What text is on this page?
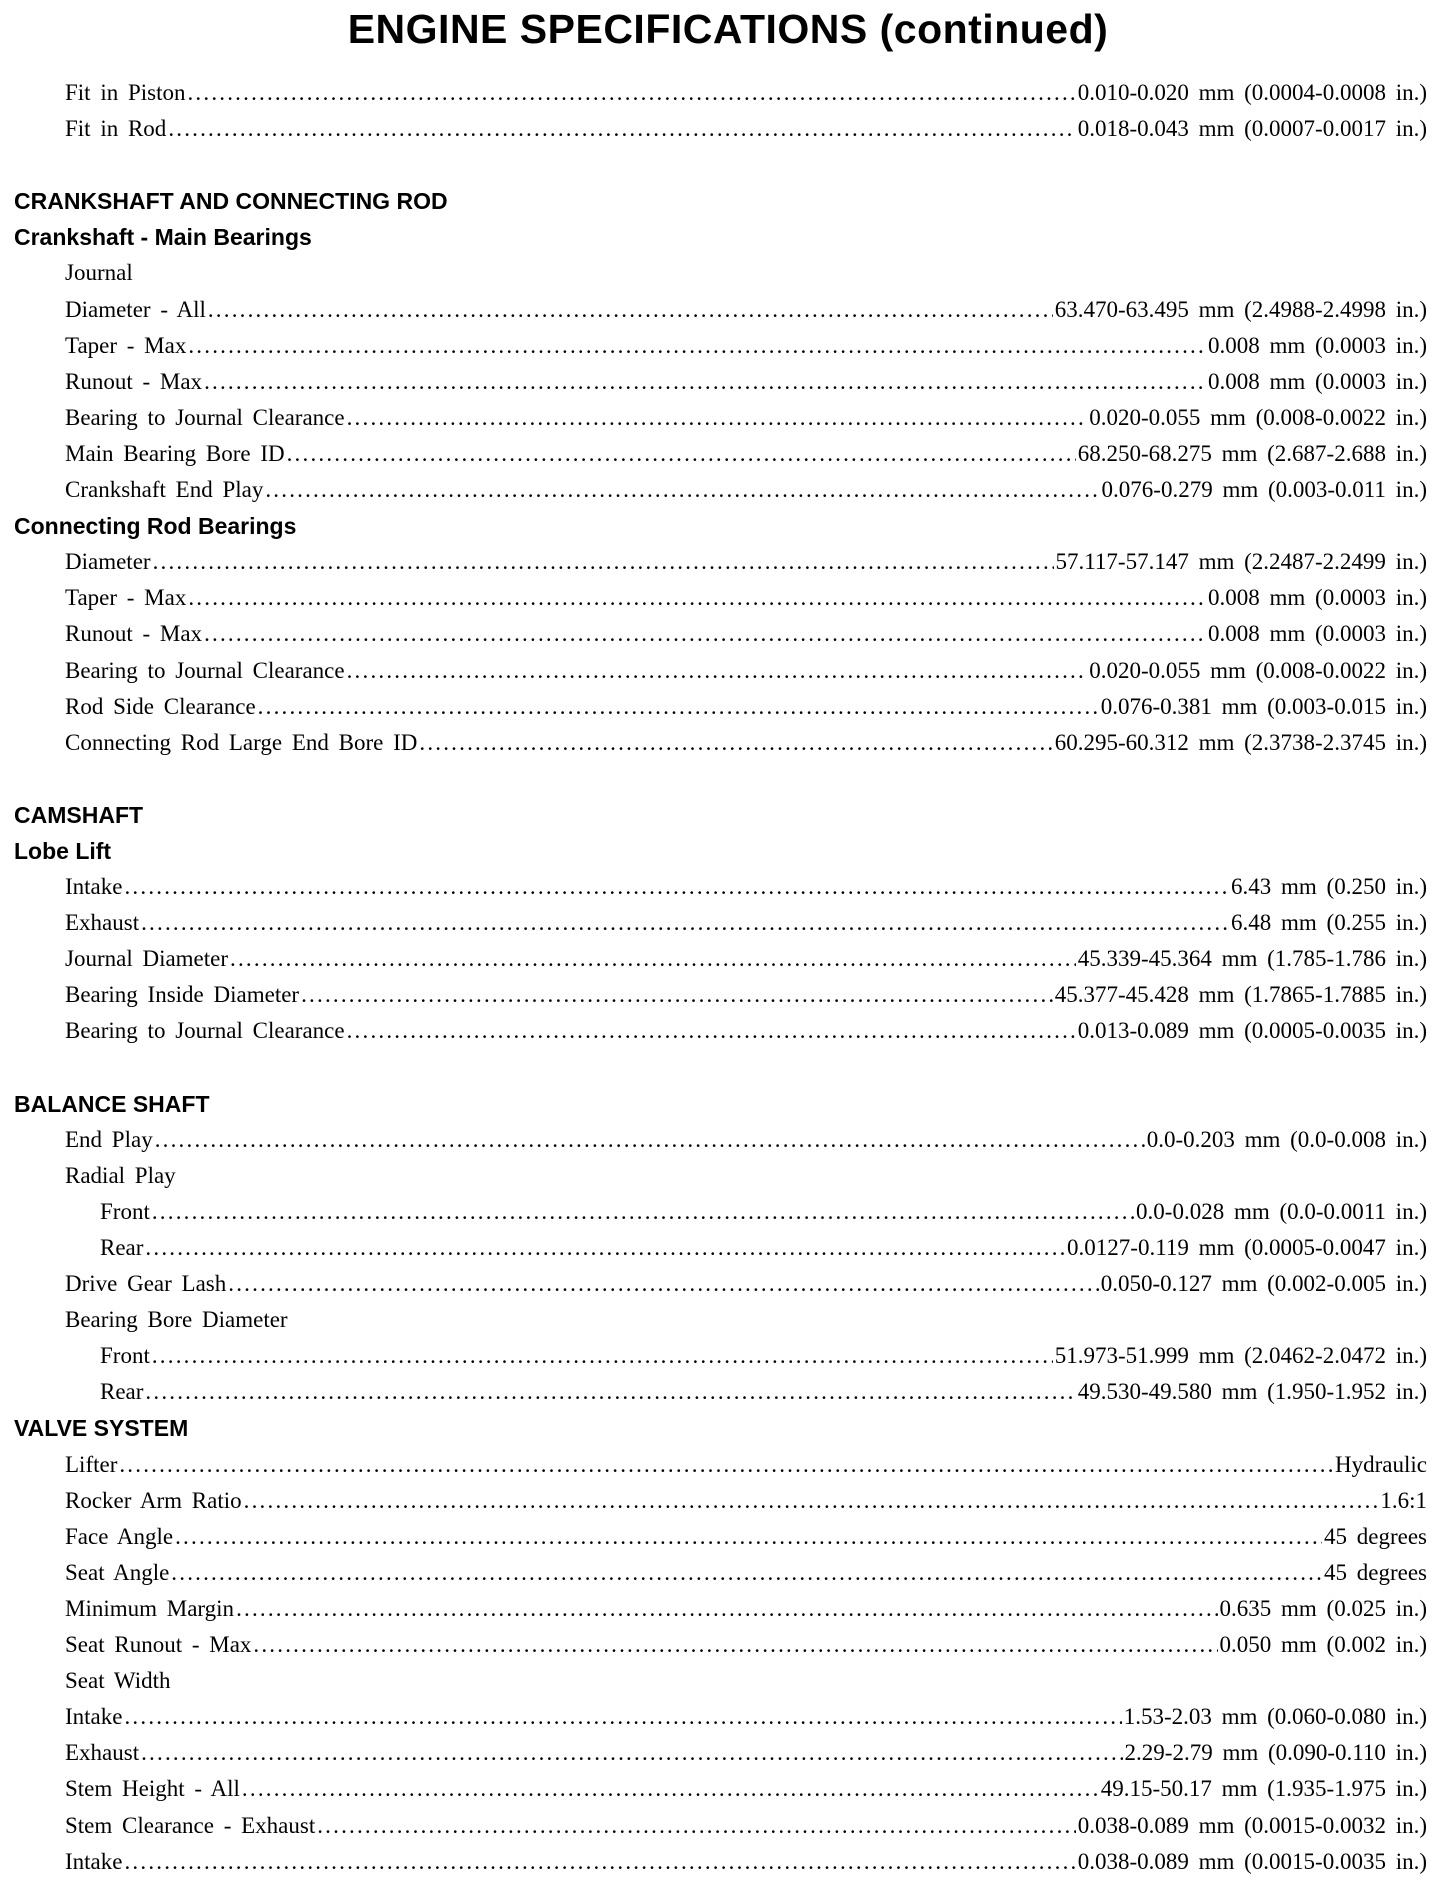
ENGINE SPECIFICATIONS (continued)
Fit in Piston .....	0.010-0.020 mm (0.0004-0.0008 in.)
Fit in Rod .....	0.018-0.043 mm (0.0007-0.0017 in.)
CRANKSHAFT AND CONNECTING ROD
Crankshaft - Main Bearings
Journal
Diameter - All .....	63.470-63.495 mm (2.4988-2.4998 in.)
Taper - Max .....	0.008 mm (0.0003 in.)
Runout - Max .....	0.008 mm (0.0003 in.)
Bearing to Journal Clearance .....	0.020-0.055 mm (0.008-0.0022 in.)
Main Bearing Bore ID .....	68.250-68.275 mm (2.687-2.688 in.)
Crankshaft End Play .....	0.076-0.279 mm (0.003-0.011 in.)
Connecting Rod Bearings
Diameter .....	57.117-57.147 mm (2.2487-2.2499 in.)
Taper - Max .....	0.008 mm (0.0003 in.)
Runout - Max .....	0.008 mm (0.0003 in.)
Bearing to Journal Clearance .....	0.020-0.055 mm (0.008-0.0022 in.)
Rod Side Clearance .....	0.076-0.381 mm (0.003-0.015 in.)
Connecting Rod Large End Bore ID .....	60.295-60.312 mm (2.3738-2.3745 in.)
CAMSHAFT
Lobe Lift
Intake .....	6.43 mm (0.250 in.)
Exhaust .....	6.48 mm (0.255 in.)
Journal Diameter .....	45.339-45.364 mm (1.785-1.786 in.)
Bearing Inside Diameter .....	45.377-45.428 mm (1.7865-1.7885 in.)
Bearing to Journal Clearance .....	0.013-0.089 mm (0.0005-0.0035 in.)
BALANCE SHAFT
End Play .....	0.0-0.203 mm (0.0-0.008 in.)
Radial Play
Front .....	0.0-0.028 mm (0.0-0.0011 in.)
Rear .....	0.0127-0.119 mm (0.0005-0.0047 in.)
Drive Gear Lash .....	0.050-0.127 mm (0.002-0.005 in.)
Bearing Bore Diameter
Front .....	51.973-51.999 mm (2.0462-2.0472 in.)
Rear .....	49.530-49.580 mm (1.950-1.952 in.)
VALVE SYSTEM
Lifter .....	Hydraulic
Rocker Arm Ratio .....	1.6:1
Face Angle .....	45 degrees
Seat Angle .....	45 degrees
Minimum Margin .....	0.635 mm (0.025 in.)
Seat Runout - Max .....	0.050 mm (0.002 in.)
Seat Width
Intake .....	1.53-2.03 mm (0.060-0.080 in.)
Exhaust .....	2.29-2.79 mm (0.090-0.110 in.)
Stem Height - All .....	49.15-50.17 mm (1.935-1.975 in.)
Stem Clearance - Exhaust .....	0.038-0.089 mm (0.0015-0.0032 in.)
Intake .....	0.038-0.089 mm (0.0015-0.0035 in.)
